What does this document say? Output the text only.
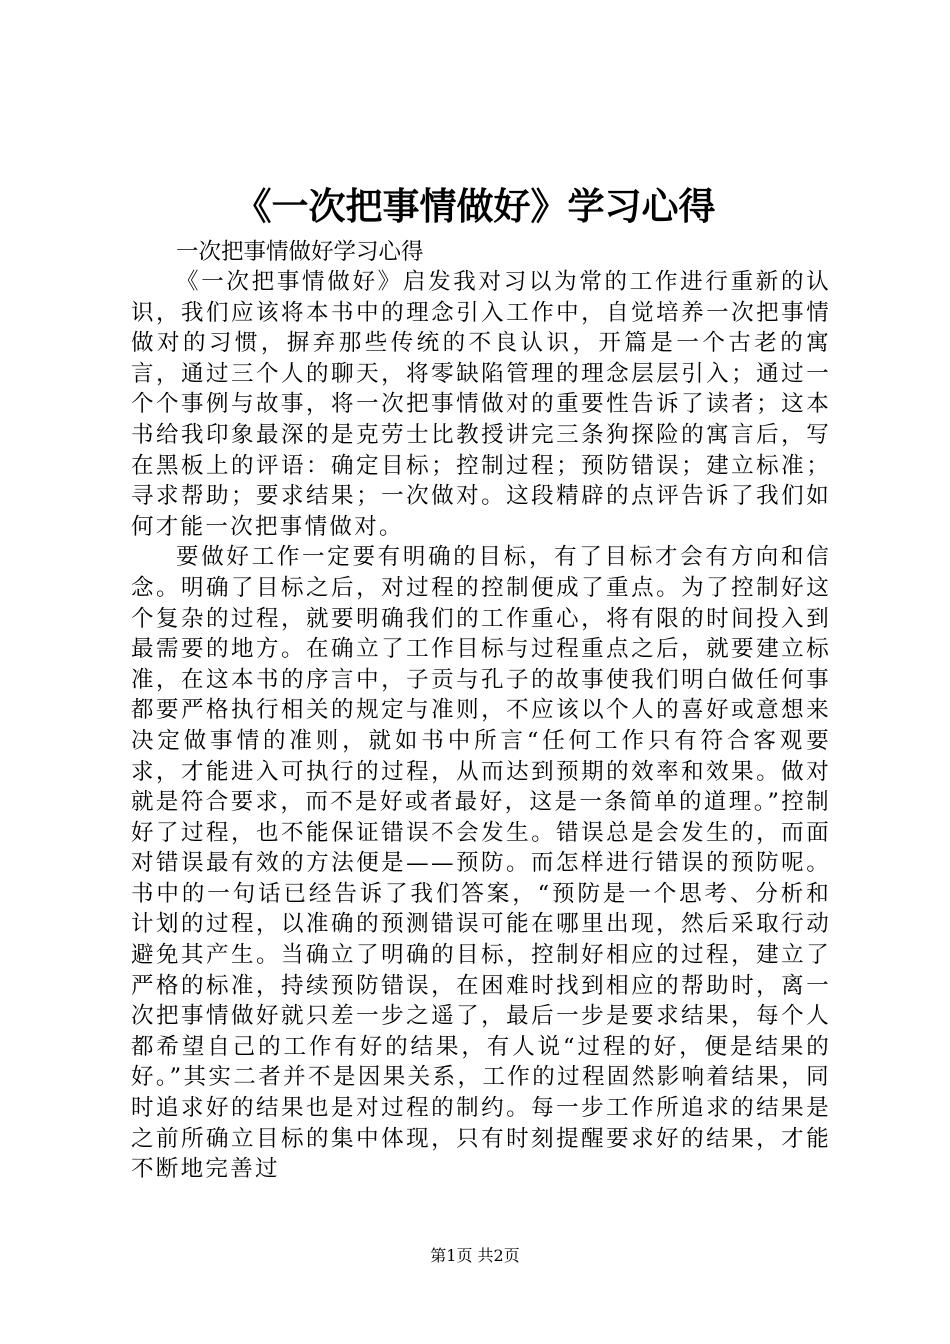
《一次把事情做好》学习心得

一次把事情做好学习心得

《一次把事情做好》启发我对习以为常的工作进行重新的认识，我们应该将本书中的理念引入工作中，自觉培养一次把事情做对的习惯，摒弃那些传统的不良认识，开篇是一个古老的寓言，通过三个人的聊天，将零缺陷管理的理念层层引入；通过一个个事例与故事，将一次把事情做对的重要性告诉了读者；这本书给我印象最深的是克劳士比教授讲完三条狗探险的寓言后，写在黑板上的评语：确定目标；控制过程；预防错误；建立标准；寻求帮助；要求结果；一次做对。这段精辟的点评告诉了我们如何才能一次把事情做对。

要做好工作一定要有明确的目标，有了目标才会有方向和信念。明确了目标之后，对过程的控制便成了重点。为了控制好这个复杂的过程，就要明确我们的工作重心，将有限的时间投入到最需要的地方。在确立了工作目标与过程重点之后，就要建立标准，在这本书的序言中，子贡与孔子的故事使我们明白做任何事都要严格执行相关的规定与准则，不应该以个人的喜好或意想来决定做事情的准则，就如书中所言“任何工作只有符合客观要求，才能进入可执行的过程，从而达到预期的效率和效果。做对就是符合要求，而不是好或者最好，这是一条简单的道理。”控制好了过程，也不能保证错误不会发生。错误总是会发生的，而面对错误最有效的方法便是——预防。而怎样进行错误的预防呢。书中的一句话已经告诉了我们答案，“预防是一个思考、分析和计划的过程，以准确的预测错误可能在哪里出现，然后采取行动避免其产生。当确立了明确的目标，控制好相应的过程，建立了严格的标准，持续预防错误，在困难时找到相应的帮助时，离一次把事情做好就只差一步之遥了，最后一步是要求结果，每个人都希望自己的工作有好的结果，有人说“过程的好，便是结果的好。”其实二者并不是因果关系，工作的过程固然影响着结果，同时追求好的结果也是对过程的制约。每一步工作所追求的结果是之前所确立目标的集中体现，只有时刻提醒要求好的结果，才能不断地完善过

第1页 共2页
